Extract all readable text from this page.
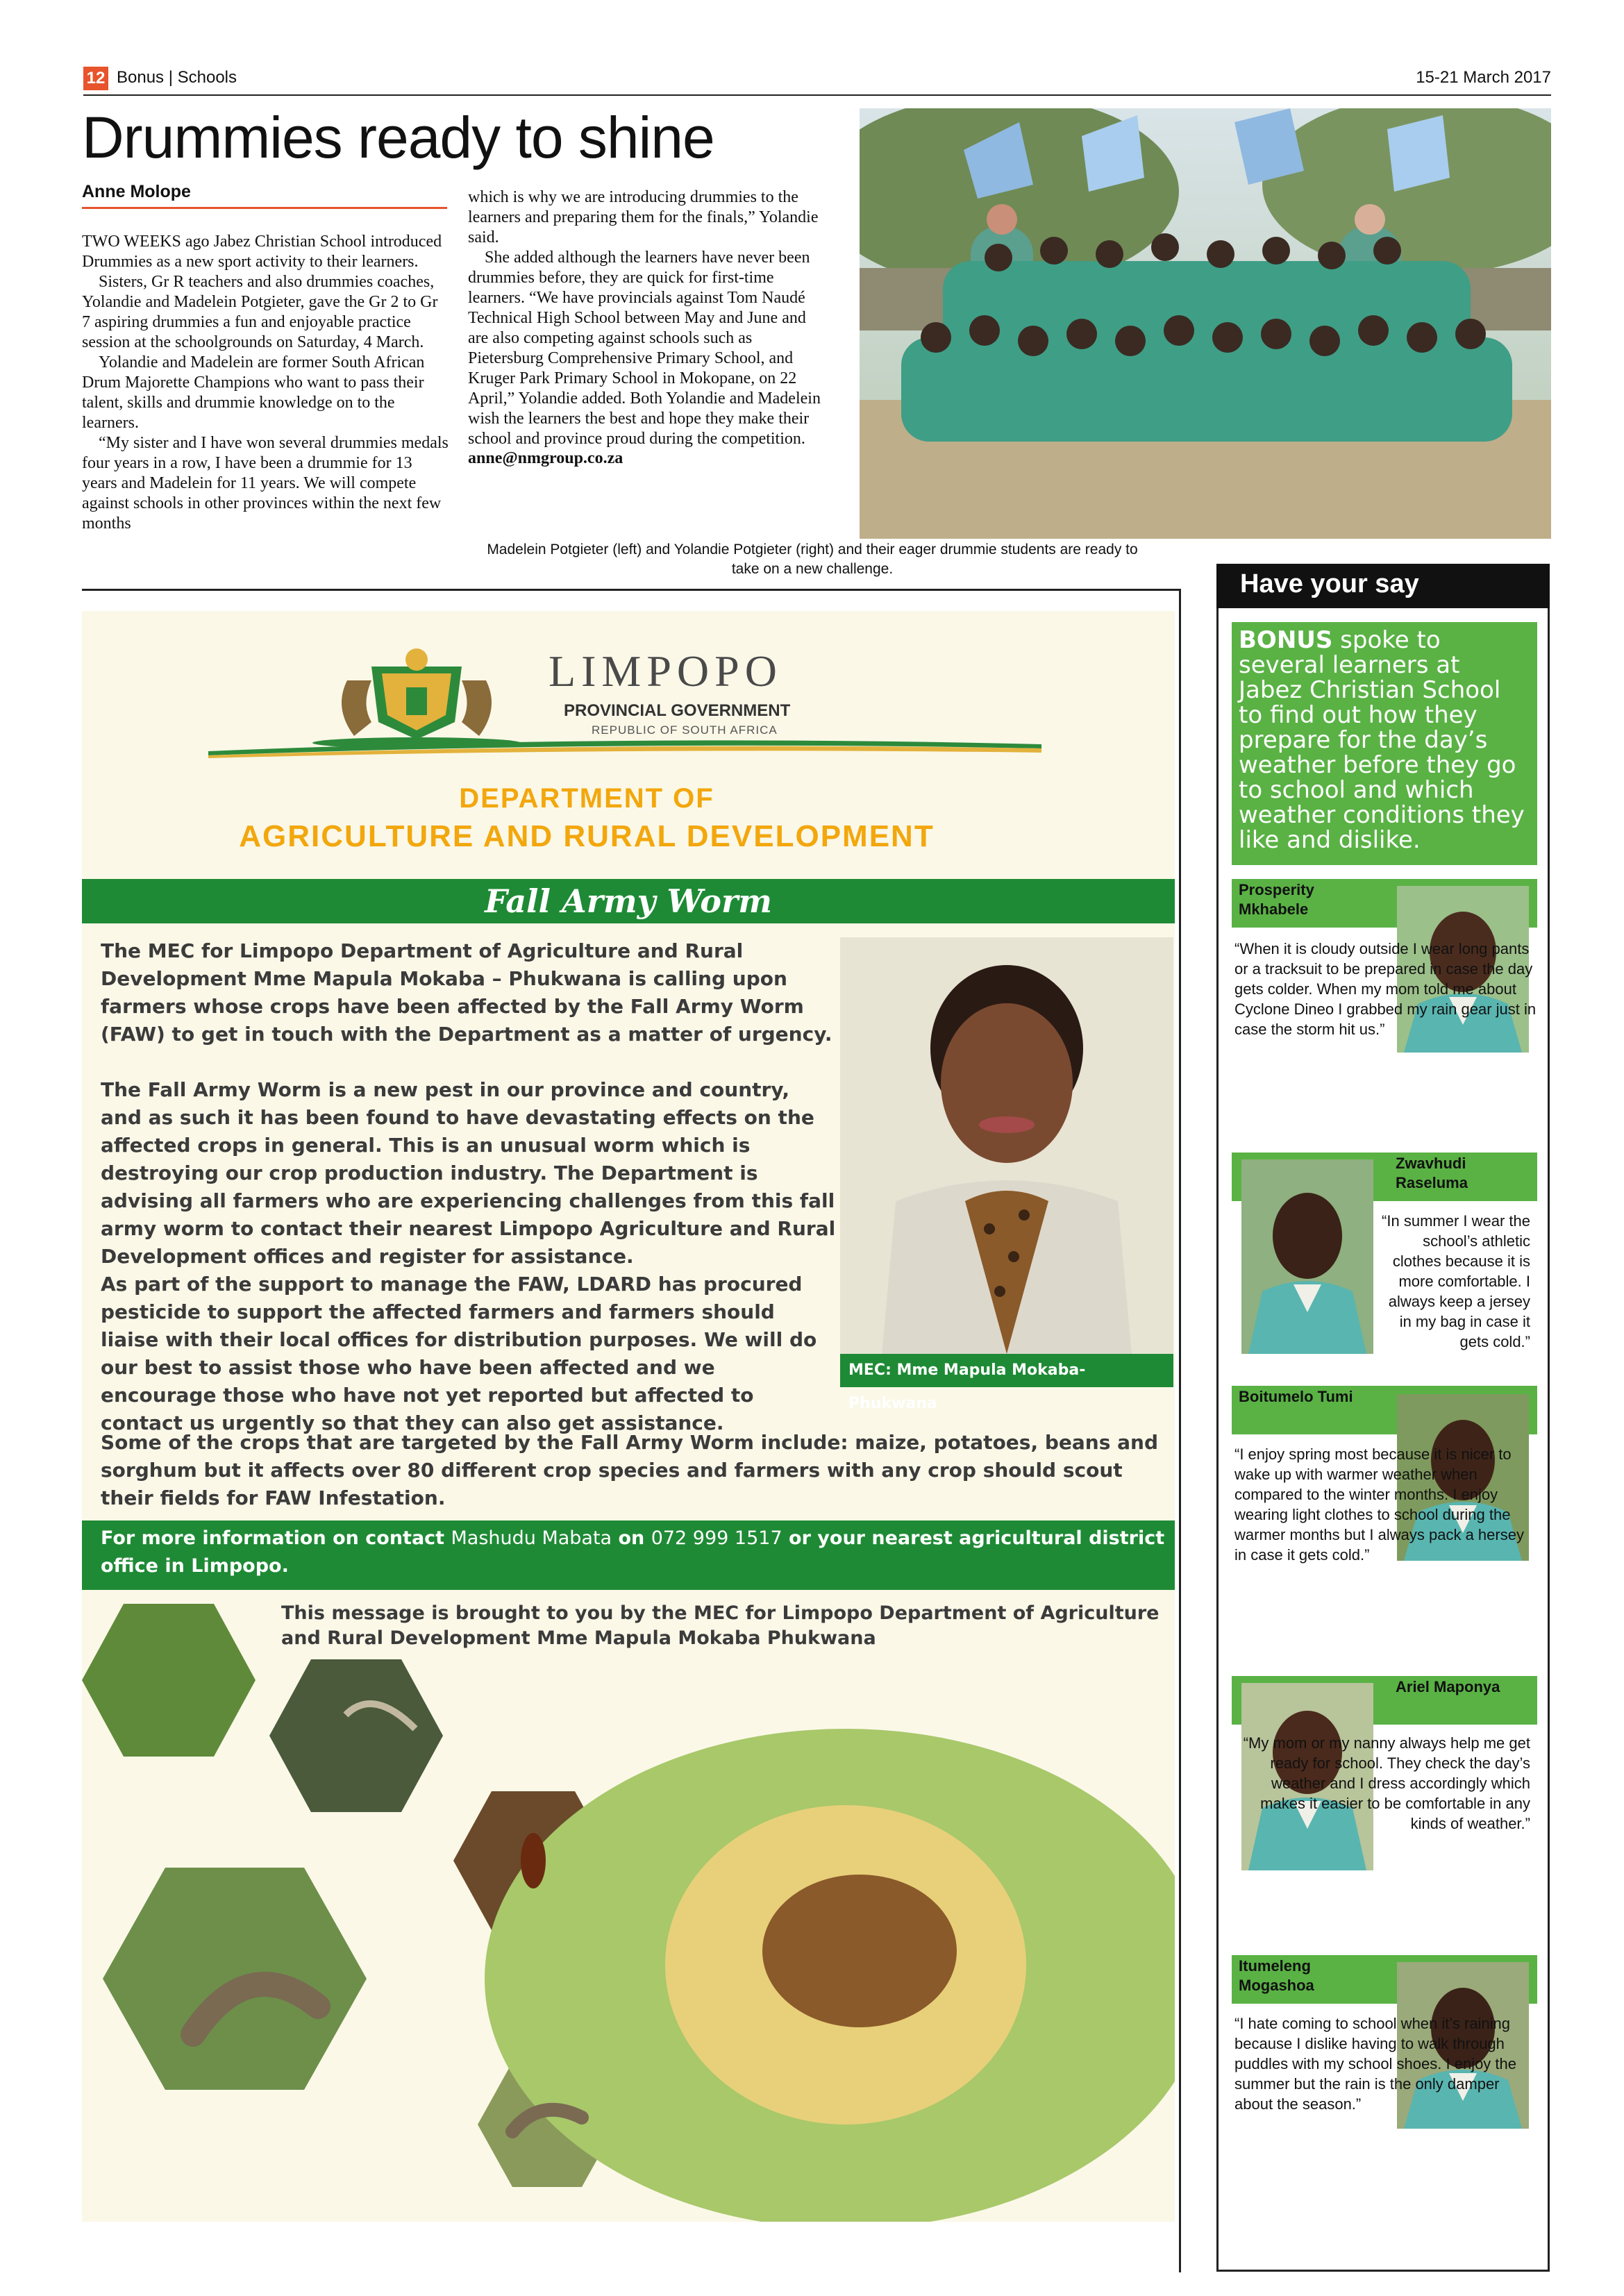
12 Bonus | Schools	15-21 March 2017
Drummies ready to shine
Anne Molope

TWO WEEKS ago Jabez Christian School introduced Drummies as a new sport activity to their learners.

Sisters, Gr R teachers and also drummies coaches, Yolandie and Madelein Potgieter, gave the Gr 2 to Gr 7 aspiring drummies a fun and enjoyable practice session at the schoolgrounds on Saturday, 4 March.

Yolandie and Madelein are former South African Drum Majorette Champions who want to pass their talent, skills and drummie knowledge on to the learners.

“My sister and I have won several drummies medals four years in a row, I have been a drummie for 13 years and Madelein for 11 years. We will compete against schools in other provinces within the next few months

which is why we are introducing drummies to the learners and preparing them for the finals,” Yolandie said.

She added although the learners have never been drummies before, they are quick for first-time learners. “We have provincials against Tom Naudé Technical High School between May and June and are also competing against schools such as Pietersburg Comprehensive Primary School, and Kruger Park Primary School in Mokopane, on 22 April,” Yolandie added. Both Yolandie and Madelein wish the learners the best and hope they make their school and province proud during the competition.

anne@nmgroup.co.za
Madelein Potgieter (left) and Yolandie Potgieter (right) and their eager drummie students are ready to take on a new challenge.
LIMPOPO
PROVINCIAL GOVERNMENT
REPUBLIC OF SOUTH AFRICA
DEPARTMENT OF
AGRICULTURE AND RURAL DEVELOPMENT
Fall Army Worm
The MEC for Limpopo Department of Agriculture and Rural Development Mme Mapula Mokaba – Phukwana is calling upon farmers whose crops have been affected by the Fall Army Worm (FAW) to get in touch with the Department as a matter of urgency.
The Fall Army Worm is a new pest in our province and country, and as such it has been found to have devastating effects on the affected crops in general. This is an unusual worm which is destroying our crop production industry. The Department is advising all farmers who are experiencing challenges from this fall army worm to contact their nearest Limpopo Agriculture and Rural Development offices and register for assistance.
As part of the support to manage the FAW, LDARD has procured pesticide to support the affected farmers and farmers should liaise with their local offices for distribution purposes. We will do our best to assist those who have been affected and we encourage those who have not yet reported but affected to contact us urgently so that they can also get assistance.
Some of the crops that are targeted by the Fall Army Worm include: maize, potatoes, beans and sorghum but it affects over 80 different crop species and farmers with any crop should scout their fields for FAW Infestation.
MEC: Mme Mapula Mokaba-Phukwana
For more information on contact Mashudu Mabata on 072 999 1517 or your nearest agricultural district office in Limpopo.
This message is brought to you by the MEC for Limpopo Department of Agriculture and Rural Development Mme Mapula Mokaba Phukwana
Have your say
BONUS spoke to several learners at Jabez Christian School to find out how they prepare for the day’s weather before they go to school and which weather conditions they like and dislike.
Prosperity Mkhabele
“When it is cloudy outside I wear long pants or a tracksuit to be prepared in case the day gets colder. When my mom told me about Cyclone Dineo I grabbed my rain gear just in case the storm hit us.”
Zwavhudi Raseluma
“In summer I wear the school’s athletic clothes because it is more comfortable. I always keep a jersey in my bag in case it gets cold.”
Boitumelo Tumi
“I enjoy spring most because it is nicer to wake up with warmer weather when compared to the winter months. I enjoy wearing light clothes to school during the warmer months but I always pack a hersey in case it gets cold.”
Ariel Maponya
“My mom or my nanny always help me get ready for school. They check the day’s weather and I dress accordingly which makes it easier to be comfortable in any kinds of weather.”
Itumeleng Mogashoa
“I hate coming to school when it’s raining because I dislike having to walk through puddles with my school shoes. I enjoy the summer but the rain is the only damper about the season.”
